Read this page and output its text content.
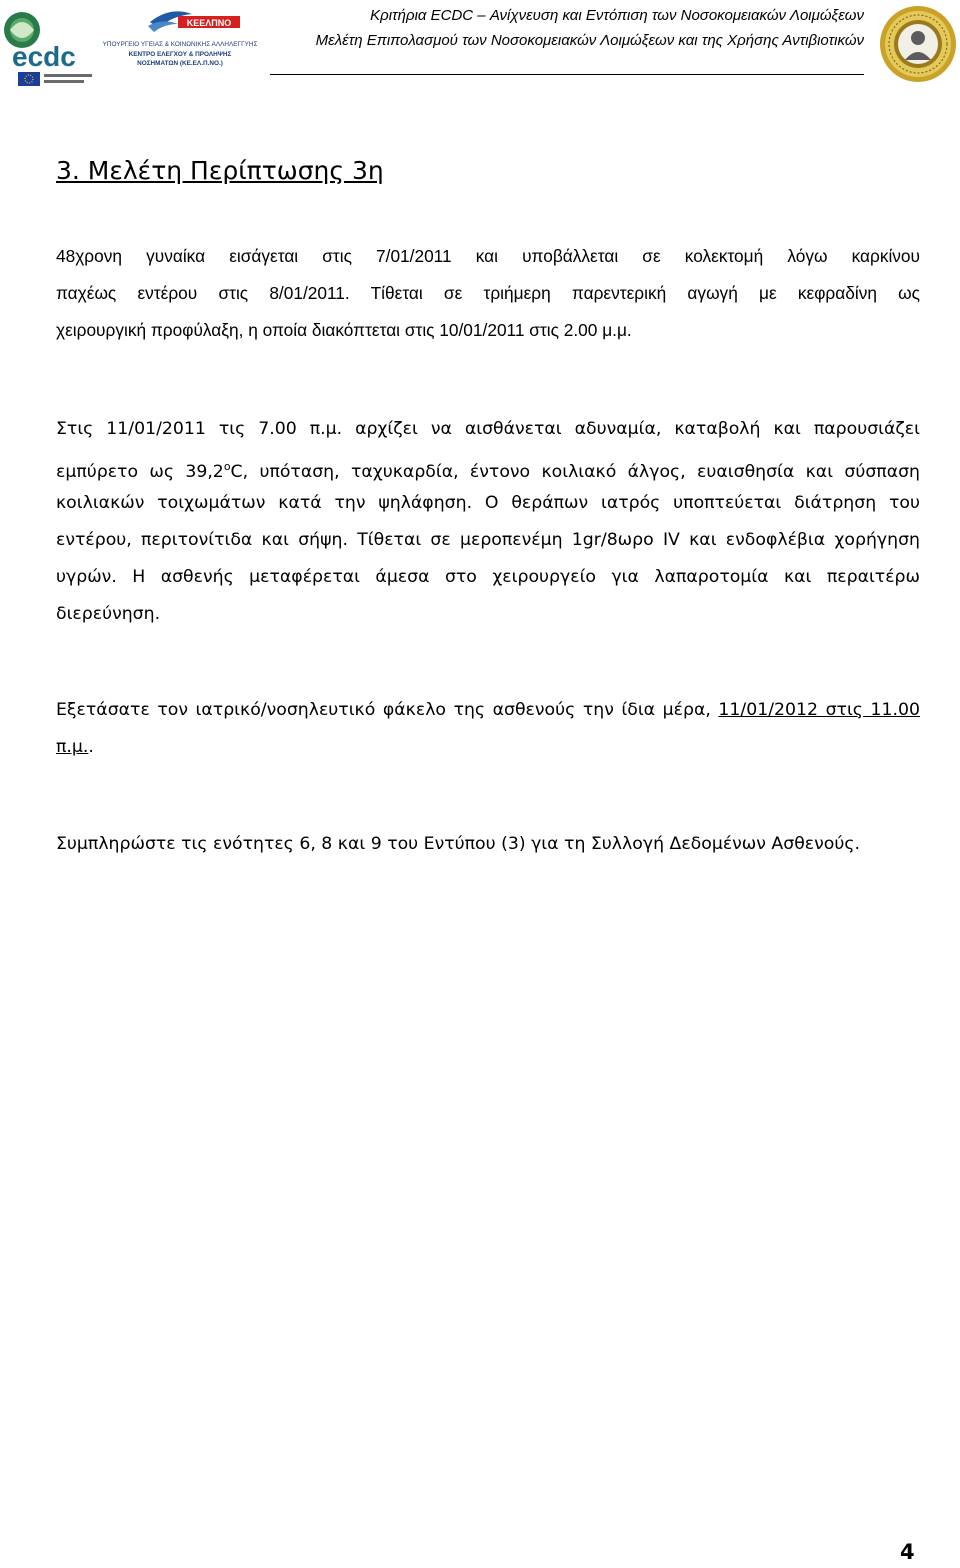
ecdc
ΚΕΕΛΠΝΟ
ΥΠΟΥΡΓΕΙΟ ΥΓΕΙΑΣ & ΚΟΙΝΩΝΙΚΗΣ ΑΛΛΗΛΕΓΓΥΗΣ
ΚΕΝΤΡΟ ΕΛΕΓΧΟΥ & ΠΡΟΛΗΨΗΣ
ΝΟΣΗΜΑΤΩΝ (ΚΕ.ΕΛ.Π.ΝΟ.)
Κριτήρια ECDC – Ανίχνευση και Εντόπιση των Νοσοκομειακών Λοιμώξεων
Μελέτη Επιπολασμού των Νοσοκομειακών Λοιμώξεων και της Χρήσης Αντιβιοτικών
3. Μελέτη Περίπτωσης 3η
48χρονη γυναίκα εισάγεται στις 7/01/2011 και υποβάλλεται σε κολεκτομή λόγω καρκίνου
παχέως εντέρου στις 8/01/2011. Τίθεται σε τριήμερη παρεντερική αγωγή με κεφραδίνη ως
χειρουργική προφύλαξη, η οποία διακόπτεται στις 10/01/2011 στις 2.00 μ.μ.
Στις 11/01/2011 τις 7.00 π.μ. αρχίζει να αισθάνεται αδυναμία, καταβολή και παρουσιάζει
εμπύρετο ως 39,2$^o$C, υπόταση, ταχυκαρδία, έντονο κοιλιακό άλγος, ευαισθησία και σύσπαση
κοιλιακών τοιχωμάτων κατά την ψηλάφηση. Ο θεράπων ιατρός υποπτεύεται διάτρηση του
εντέρου, περιτονίτιδα και σήψη. Τίθεται σε μεροπενέμη 1gr/8ωρο IV και ενδοφλέβια χορήγηση
υγρών. Η ασθενής μεταφέρεται άμεσα στο χειρουργείο για λαπαροτομία και περαιτέρω
διερεύνηση.
Εξετάσατε τον ιατρικό/νοσηλευτικό φάκελο της ασθενούς την ίδια μέρα, 11/01/2012 στις 11.00
π.μ..
Συμπληρώστε τις ενότητες 6, 8 και 9 του Εντύπου (3) για τη Συλλογή Δεδομένων Ασθενούς.
4
